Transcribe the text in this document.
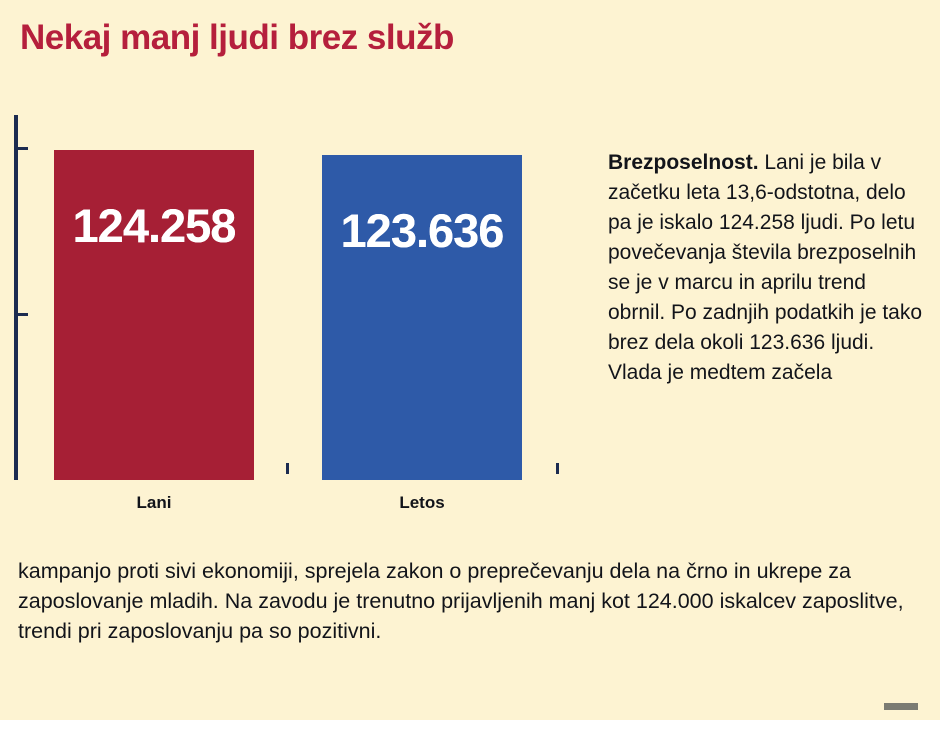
Nekaj manj ljudi brez služb
124.258	123.636
Lani	Letos
Brezposelnost. Lani je bila v začetku leta 13,6-odstotna, delo pa je iskalo 124.258 ljudi. Po letu povečevanja števila brezposelnih se je v marcu in aprilu trend obrnil. Po zadnjih podatkih je tako brez dela okoli 123.636 ljudi. Vlada je medtem začela
kampanjo proti sivi ekonomiji, sprejela zakon o preprečevanju dela na črno in ukrepe za zaposlovanje mladih. Na zavodu je trenutno prijavljenih manj kot 124.000 iskalcev zaposlitve, trendi pri zaposlovanju pa so pozitivni.
